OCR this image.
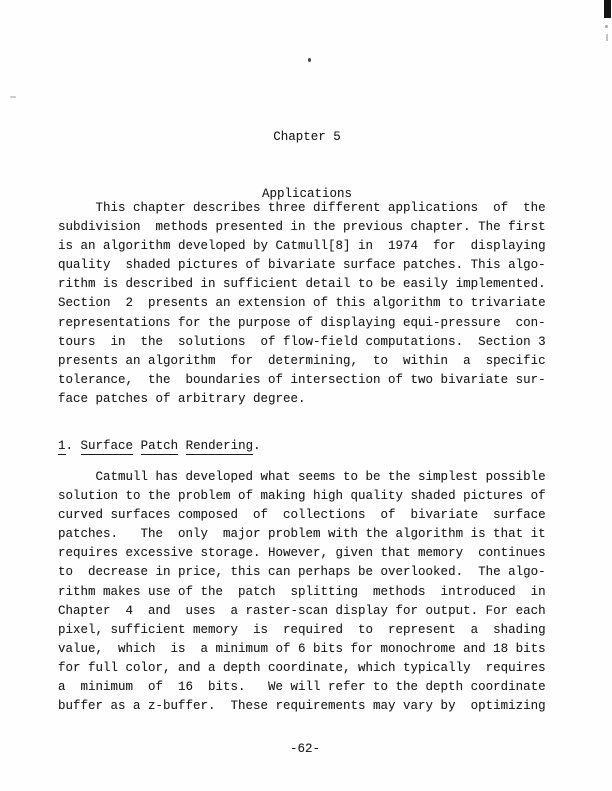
Chapter 5

Applications

This chapter describes three different applications  of  the
subdivision  methods presented in the previous chapter. The first
is an algorithm developed by Catmull[8] in  1974  for  displaying
quality  shaded pictures of bivariate surface patches. This algo-
rithm is described in sufficient detail to be easily implemented.
Section  2  presents an extension of this algorithm to trivariate
representations for the purpose of displaying equi-pressure  con-
tours  in  the  solutions  of flow-field computations.  Section 3
presents an algorithm  for  determining,  to  within  a  specific
tolerance,  the  boundaries of intersection of two bivariate sur-
face patches of arbitrary degree.
1. Surface Patch Rendering.
Catmull has developed what seems to be the simplest possible
solution to the problem of making high quality shaded pictures of
curved surfaces composed  of  collections  of  bivariate  surface
patches.   The  only  major problem with the algorithm is that it
requires excessive storage. However, given that memory  continues
to  decrease in price, this can perhaps be overlooked.  The algo-
rithm makes use of the  patch  splitting  methods  introduced  in
Chapter  4  and  uses  a raster-scan display for output. For each
pixel, sufficient memory  is  required  to  represent  a  shading
value,  which  is  a minimum of 6 bits for monochrome and 18 bits
for full color, and a depth coordinate, which typically  requires
a  minimum  of  16  bits.   We will refer to the depth coordinate
buffer as a z-buffer.  These requirements may vary by  optimizing
-62-
